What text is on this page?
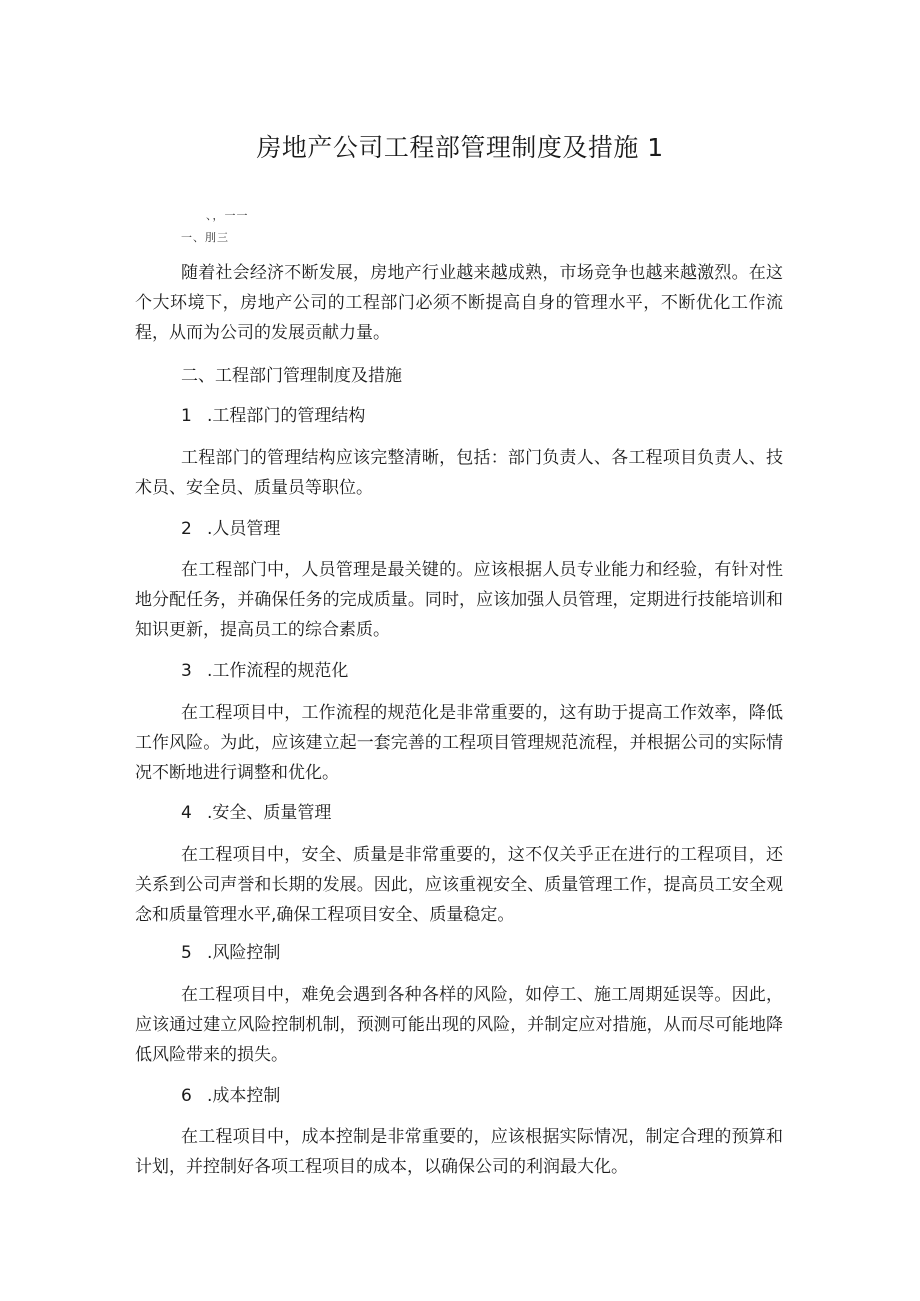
房地产公司工程部管理制度及措施 1
、，一一
一、刖三

随着社会经济不断发展，房地产行业越来越成熟，市场竞争也越来越激烈。在这个大环境下，房地产公司的工程部门必须不断提高自身的管理水平，不断优化工作流程，从而为公司的发展贡献力量。

二、工程部门管理制度及措施

1 .工程部门的管理结构

工程部门的管理结构应该完整清晰，包括：部门负责人、各工程项目负责人、技术员、安全员、质量员等职位。

2 .人员管理

在工程部门中，人员管理是最关键的。应该根据人员专业能力和经验，有针对性地分配任务，并确保任务的完成质量。同时，应该加强人员管理，定期进行技能培训和知识更新，提高员工的综合素质。

3 .工作流程的规范化

在工程项目中，工作流程的规范化是非常重要的，这有助于提高工作效率，降低工作风险。为此，应该建立起一套完善的工程项目管理规范流程，并根据公司的实际情况不断地进行调整和优化。

4 .安全、质量管理

在工程项目中，安全、质量是非常重要的，这不仅关乎正在进行的工程项目，还关系到公司声誉和长期的发展。因此，应该重视安全、质量管理工作，提高员工安全观念和质量管理水平,确保工程项目安全、质量稳定。

5 .风险控制

在工程项目中，难免会遇到各种各样的风险，如停工、施工周期延误等。因此，应该通过建立风险控制机制，预测可能出现的风险，并制定应对措施，从而尽可能地降低风险带来的损失。

6 .成本控制

在工程项目中，成本控制是非常重要的，应该根据实际情况，制定合理的预算和计划，并控制好各项工程项目的成本，以确保公司的利润最大化。
